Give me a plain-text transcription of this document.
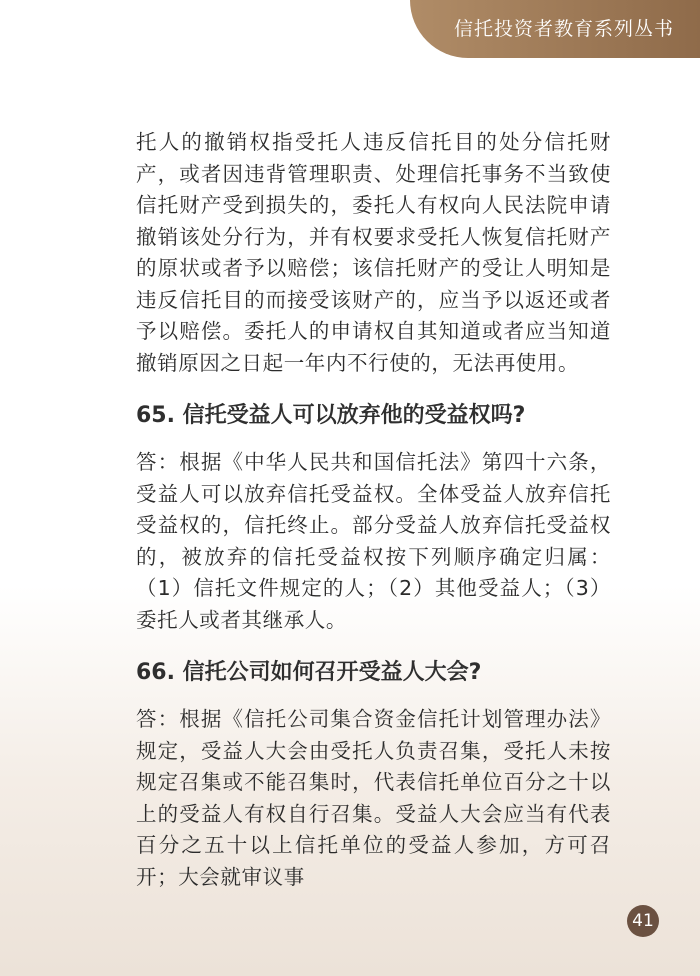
信托投资者教育系列丛书

托人的撤销权指受托人违反信托目的处分信托财产，或者因违背管理职责、处理信托事务不当致使信托财产受到损失的，委托人有权向人民法院申请撤销该处分行为，并有权要求受托人恢复信托财产的原状或者予以赔偿；该信托财产的受让人明知是违反信托目的而接受该财产的，应当予以返还或者予以赔偿。委托人的申请权自其知道或者应当知道撤销原因之日起一年内不行使的，无法再使用。

65. 信托受益人可以放弃他的受益权吗?

答：根据《中华人民共和国信托法》第四十六条，受益人可以放弃信托受益权。全体受益人放弃信托受益权的，信托终止。部分受益人放弃信托受益权的，被放弃的信托受益权按下列顺序确定归属：（1）信托文件规定的人；（2）其他受益人；（3）委托人或者其继承人。

66. 信托公司如何召开受益人大会?

答：根据《信托公司集合资金信托计划管理办法》规定，受益人大会由受托人负责召集，受托人未按规定召集或不能召集时，代表信托单位百分之十以上的受益人有权自行召集。受益人大会应当有代表百分之五十以上信托单位的受益人参加，方可召开；大会就审议事

41
